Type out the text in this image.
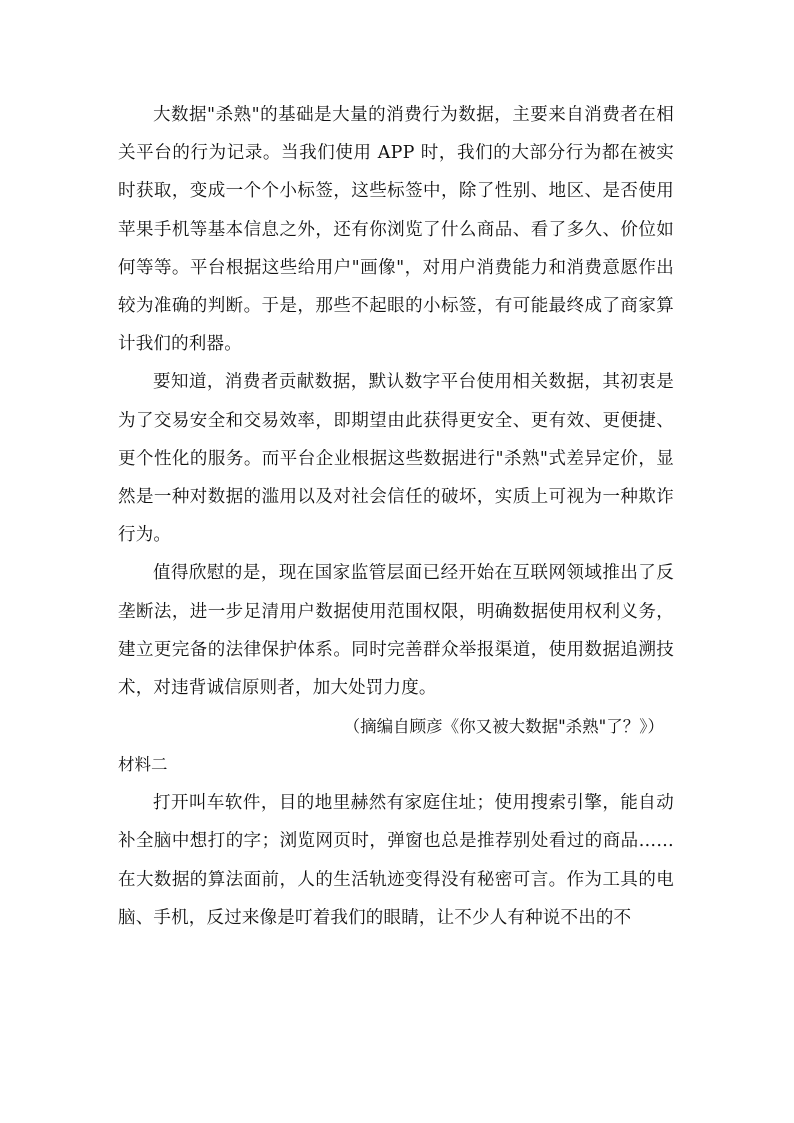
大数据"杀熟"的基础是大量的消费行为数据，主要来自消费者在相关平台的行为记录。当我们使用 APP 时，我们的大部分行为都在被实时获取，变成一个个小标签，这些标签中，除了性别、地区、是否使用苹果手机等基本信息之外，还有你浏览了什么商品、看了多久、价位如何等等。平台根据这些给用户"画像"，对用户消费能力和消费意愿作出较为准确的判断。于是，那些不起眼的小标签，有可能最终成了商家算计我们的利器。

要知道，消费者贡献数据，默认数字平台使用相关数据，其初衷是为了交易安全和交易效率，即期望由此获得更安全、更有效、更便捷、更个性化的服务。而平台企业根据这些数据进行"杀熟"式差异定价，显然是一种对数据的滥用以及对社会信任的破坏，实质上可视为一种欺诈行为。

值得欣慰的是，现在国家监管层面已经开始在互联网领域推出了反垄断法，进一步足清用户数据使用范围权限，明确数据使用权利义务，建立更完备的法律保护体系。同时完善群众举报渠道，使用数据追溯技术，对违背诚信原则者，加大处罚力度。

（摘编自顾彦《你又被大数据"杀熟"了？》）

材料二

打开叫车软件，目的地里赫然有家庭住址；使用搜索引擎，能自动补全脑中想打的字；浏览网页时，弹窗也总是推荐别处看过的商品……在大数据的算法面前，人的生活轨迹变得没有秘密可言。作为工具的电脑、手机，反过来像是叮着我们的眼睛，让不少人有种说不出的不
